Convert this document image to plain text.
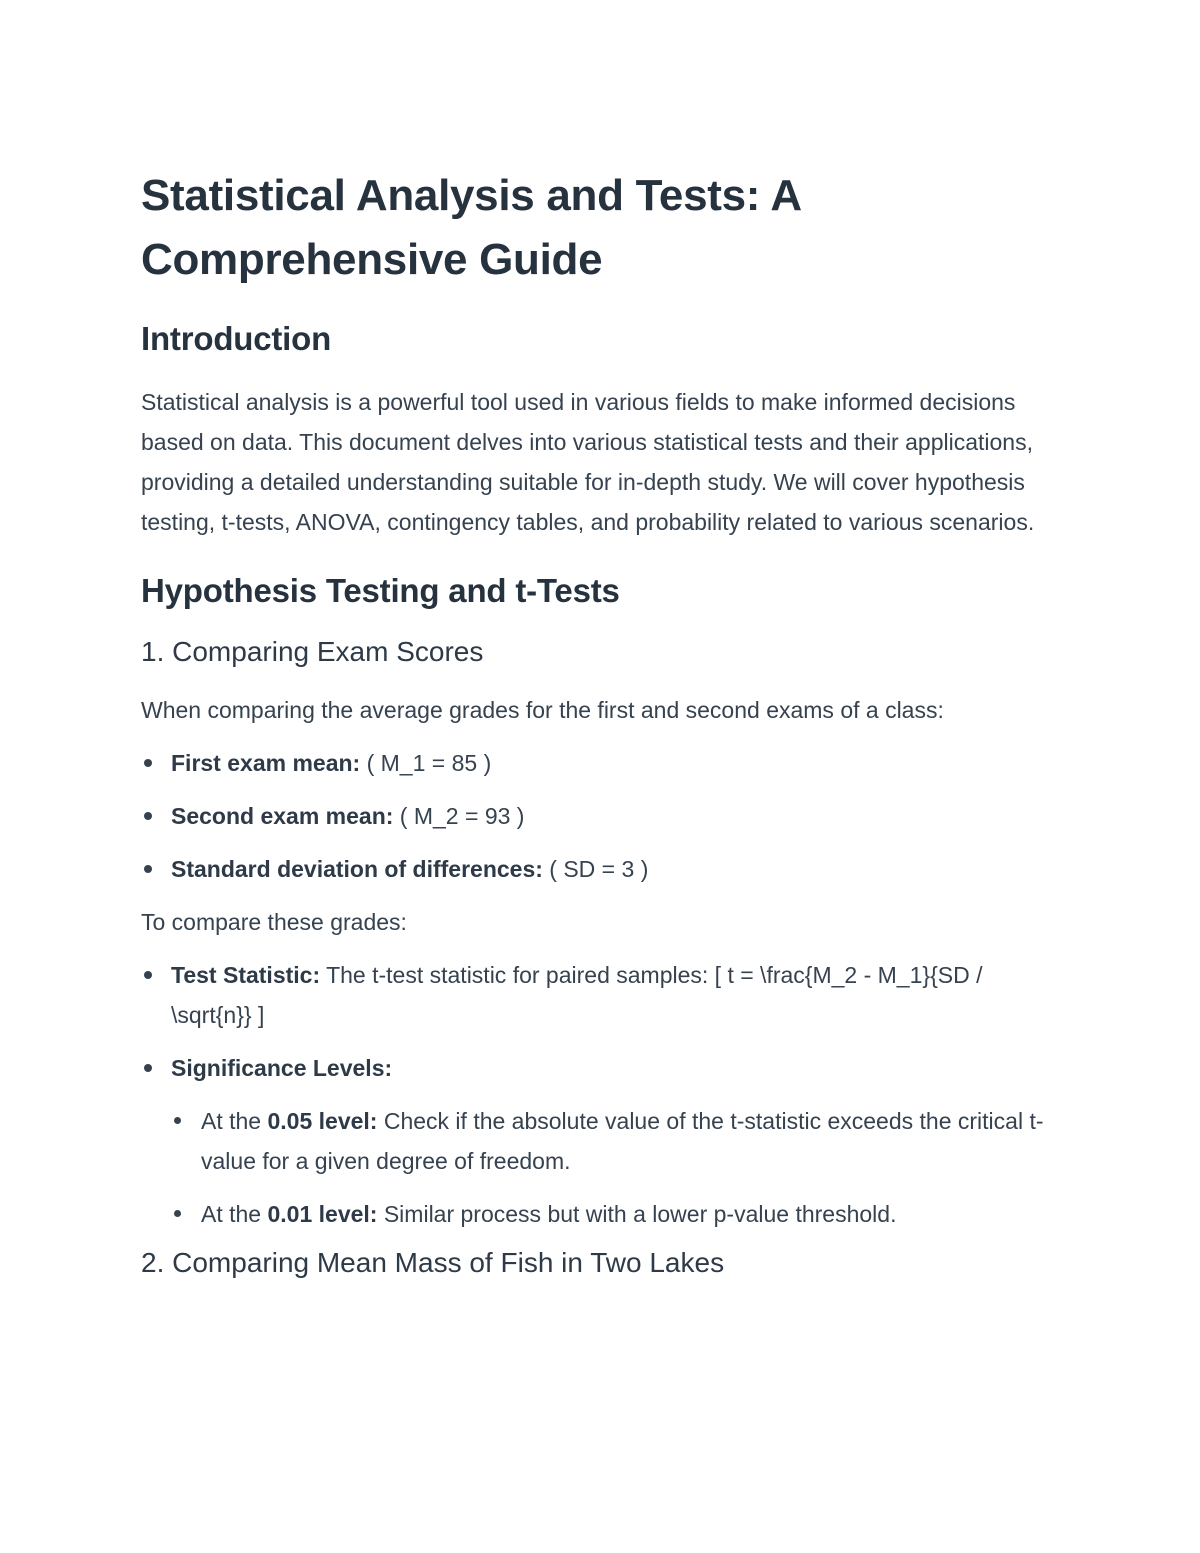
Statistical Analysis and Tests: A Comprehensive Guide
Introduction

Statistical analysis is a powerful tool used in various fields to make informed decisions based on data. This document delves into various statistical tests and their applications, providing a detailed understanding suitable for in-depth study. We will cover hypothesis testing, t-tests, ANOVA, contingency tables, and probability related to various scenarios.

Hypothesis Testing and t-Tests
1. Comparing Exam Scores

When comparing the average grades for the first and second exams of a class:

First exam mean: ( M_1 = 85 )
Second exam mean: ( M_2 = 93 )
Standard deviation of differences: ( SD = 3 )

To compare these grades:

Test Statistic: The t-test statistic for paired samples: [ t = \frac{M_2 - M_1}{SD / \sqrt{n}} ]
Significance Levels:
At the 0.05 level: Check if the absolute value of the t-statistic exceeds the critical t-value for a given degree of freedom.
At the 0.01 level: Similar process but with a lower p-value threshold.
2. Comparing Mean Mass of Fish in Two Lakes
